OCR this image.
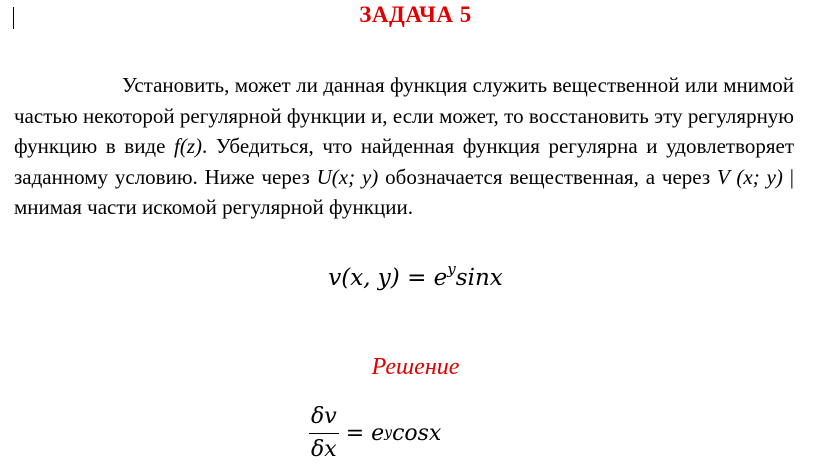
ЗАДАЧА 5

Установить, может ли данная функция служить вещественной или мнимой частью некоторой регулярной функции и, если может, то восстановить эту регулярную функцию в виде f(z). Убедиться, что найденная функция регулярна и удовлетворяет заданному условию. Ниже через U(x; y) обозначается вещественная, а через V (x; y) | мнимая части искомой регулярной функции.

v(x, $y) = e^y\sin x$
Решение
$\frac{\delta v}{\delta x} = e$ y cosx
